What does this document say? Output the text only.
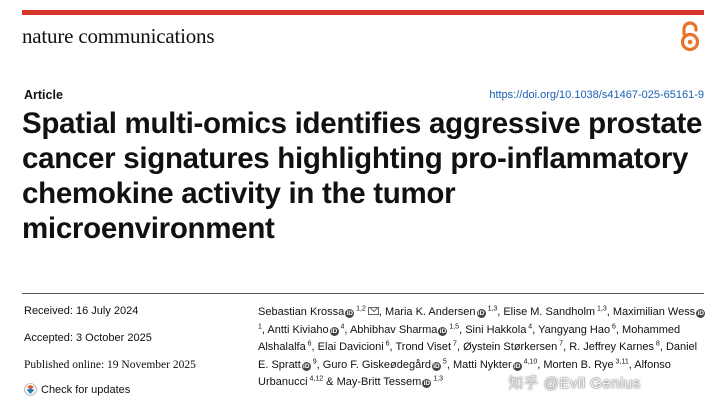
nature communications
Article	https://doi.org/10.1038/s41467-025-65161-9
Spatial multi-omics identifies aggressive prostate cancer signatures highlighting pro-inflammatory chemokine activity in the tumor microenvironment
Received: 16 July 2024
Accepted: 3 October 2025
Published online: 19 November 2025
Check for updates

Sebastian Krossa iD $^{1,2}$ , Maria K. Andersen iD $^{1,3}$, Elise M. Sandholm $^{1,3}$, Maximilian Wess iD $^1$, Antti Kiviaho iD $^4$, Abhibhav Sharma iD $^{1,5}$, Sini Hakkola $^4$, Yangyang Hao $^6$, Mohammed Alshalalfa $^6$, Elai Davicioni $^6$, Trond Viset $^7$, Øystein Størkersen $^7$, R. Jeffrey Karnes $^8$, Daniel E. Spratt iD $^9$, Guro F. Giskeødegård iD $^5$, Matti Nykter iD $^{4,10}$, Morten B. Rye $^{3,11}$, Alfonso Urbanucci $^{4,12}$ & May-Britt Tessem iD $^{1,3}$	知乎 @Evil Genius
